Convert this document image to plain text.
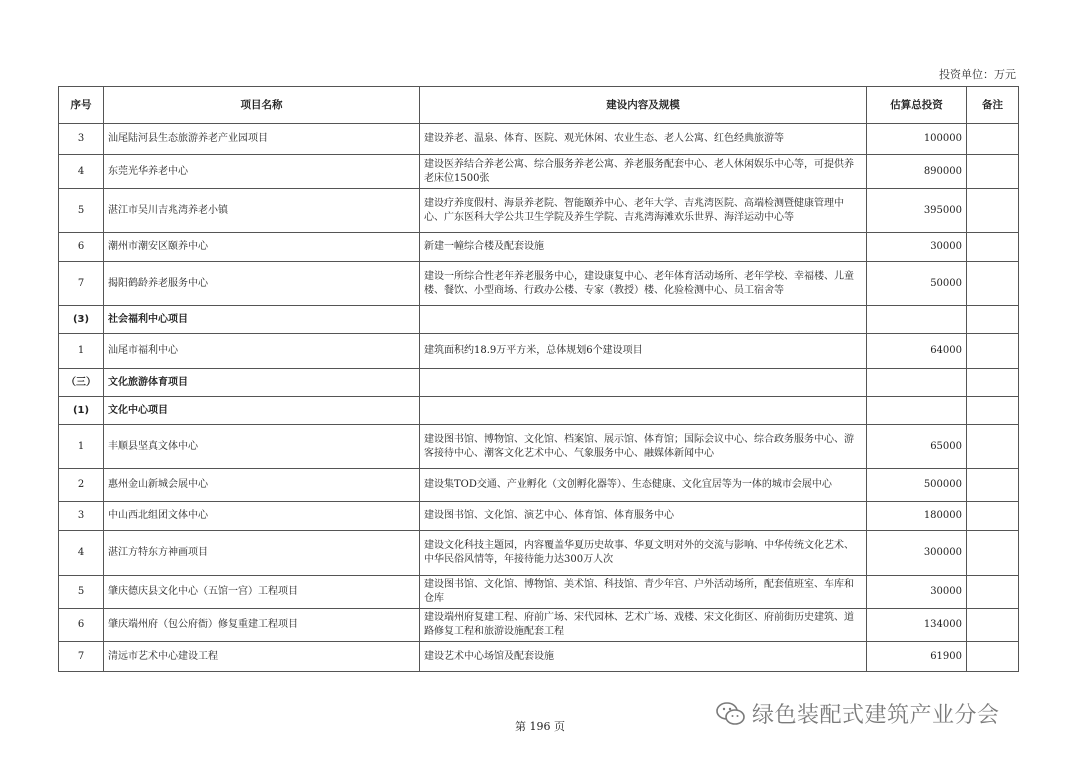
投资单位：万元
序号	项目名称	建设内容及规模	估算总投资	备注
3	汕尾陆河县生态旅游养老产业园项目	建设养老、温泉、体育、医院、观光休闲、农业生态、老人公寓、红色经典旅游等	100000	
4	东莞光华养老中心	建设医养结合养老公寓、综合服务养老公寓、养老服务配套中心、老人休闲娱乐中心等，可提供养老床位1500张	890000	
5	湛江市吴川吉兆湾养老小镇	建设疗养度假村、海景养老院、智能颐养中心、老年大学、吉兆湾医院、高端检测暨健康管理中心、广东医科大学公共卫生学院及养生学院、吉兆湾海滩欢乐世界、海洋运动中心等	395000	
6	潮州市潮安区颐养中心	新建一幢综合楼及配套设施	30000	
7	揭阳鹤龄养老服务中心	建设一所综合性老年养老服务中心，建设康复中心、老年体育活动场所、老年学校、幸福楼、儿童楼、餐饮、小型商场、行政办公楼、专家（教授）楼、化验检测中心、员工宿舍等	50000	
(3)	社会福利中心项目			
1	汕尾市福利中心	建筑面积约18.9万平方米，总体规划6个建设项目	64000	
（三）	文化旅游体育项目			
(1)	文化中心项目			
1	丰顺县坚真文体中心	建设图书馆、博物馆、文化馆、档案馆、展示馆、体育馆；国际会议中心、综合政务服务中心、游客接待中心、潮客文化艺术中心、气象服务中心、融媒体新闻中心	65000	
2	惠州金山新城会展中心	建设集TOD交通、产业孵化（文创孵化器等）、生态健康、文化宜居等为一体的城市会展中心	500000	
3	中山西北组团文体中心	建设图书馆、文化馆、演艺中心、体育馆、体育服务中心	180000	
4	湛江方特东方神画项目	建设文化科技主题园，内容覆盖华夏历史故事、华夏文明对外的交流与影响、中华传统文化艺术、中华民俗风情等，年接待能力达300万人次	300000	
5	肇庆德庆县文化中心（五馆一宫）工程项目	建设图书馆、文化馆、博物馆、美术馆、科技馆、青少年宫、户外活动场所，配套值班室、车库和仓库	30000	
6	肇庆端州府（包公府衙）修复重建工程项目	建设端州府复建工程、府前广场、宋代园林、艺术广场、戏楼、宋文化街区、府前街历史建筑、道路修复工程和旅游设施配套工程	134000	
7	清远市艺术中心建设工程	建设艺术中心场馆及配套设施	61900	
第 196 页	绿色装配式建筑产业分会
